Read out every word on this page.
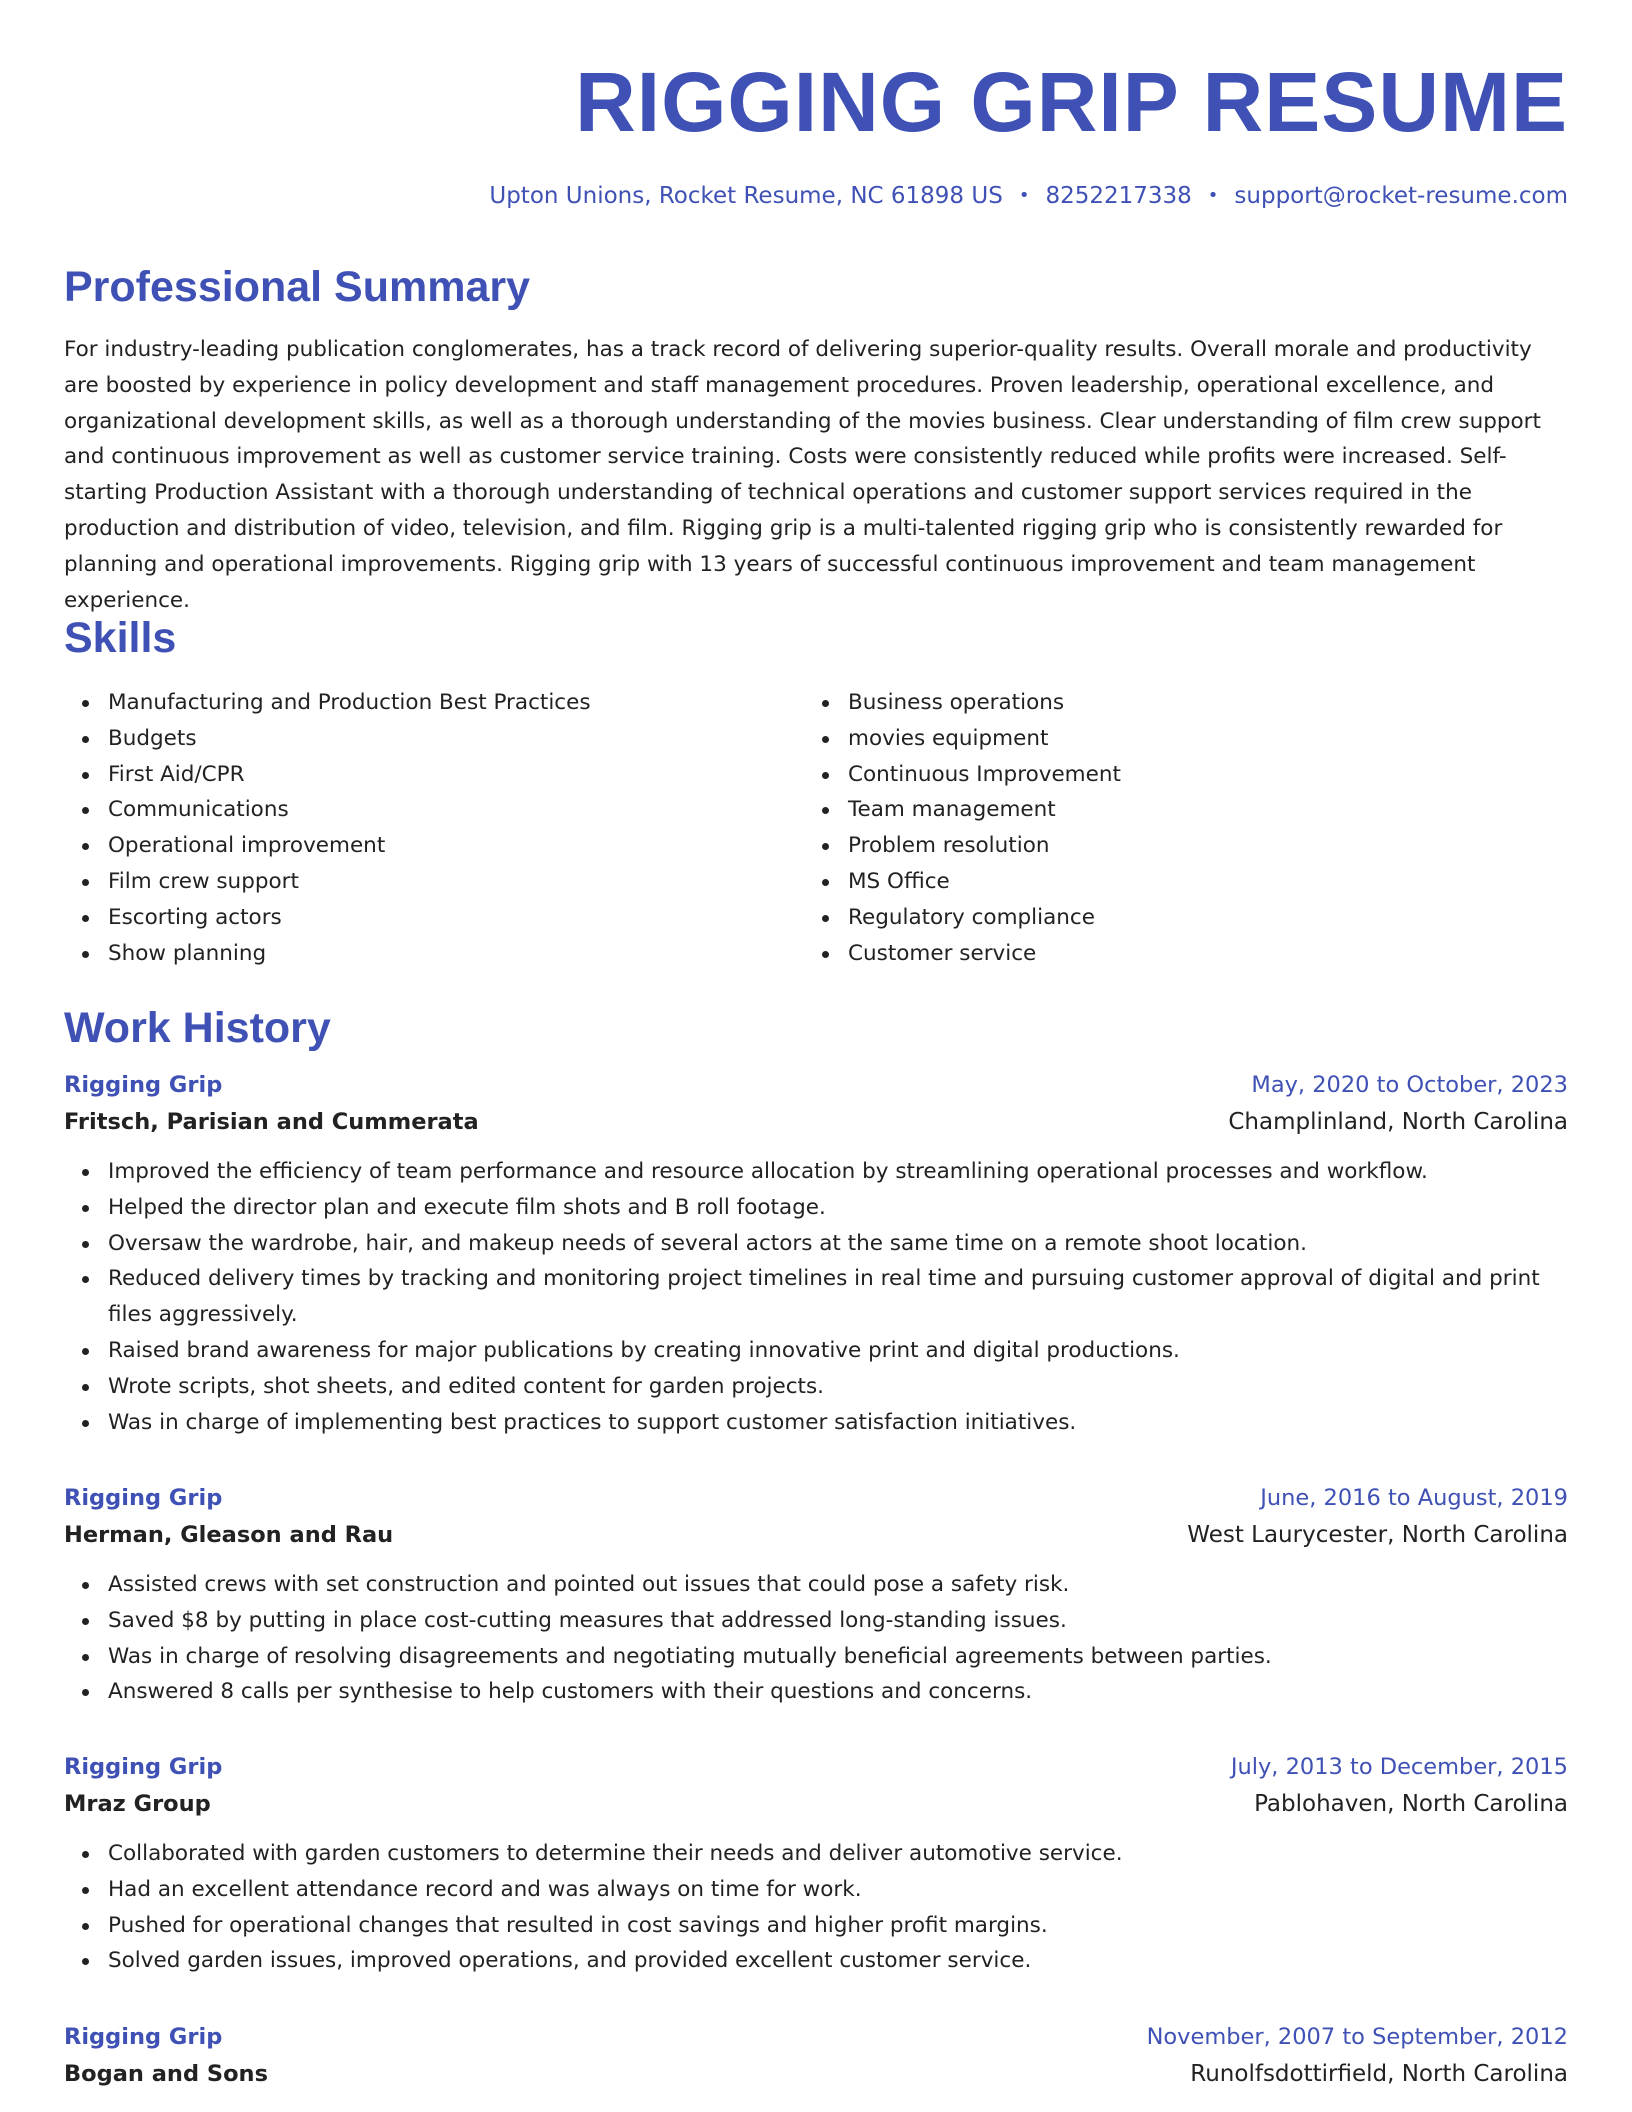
RIGGING GRIP RESUME
Upton Unions, Rocket Resume, NC 61898 US • 8252217338 • support@rocket-resume.com
Professional Summary

For industry-leading publication conglomerates, has a track record of delivering superior-quality results. Overall morale and productivity are boosted by experience in policy development and staff management procedures. Proven leadership, operational excellence, and organizational development skills, as well as a thorough understanding of the movies business. Clear understanding of film crew support and continuous improvement as well as customer service training. Costs were consistently reduced while profits were increased. Self-starting Production Assistant with a thorough understanding of technical operations and customer support services required in the production and distribution of video, television, and film. Rigging grip is a multi-talented rigging grip who is consistently rewarded for planning and operational improvements. Rigging grip with 13 years of successful continuous improvement and team management experience.

Skills
Manufacturing and Production Best Practices
Budgets
First Aid/CPR
Communications
Operational improvement
Film crew support
Escorting actors
Show planning
Business operations
movies equipment
Continuous Improvement
Team management
Problem resolution
MS Office
Regulatory compliance
Customer service
Work History
Rigging Grip	May, 2020 to October, 2023
Fritsch, Parisian and Cummerata	Champlinland, North Carolina
Improved the efficiency of team performance and resource allocation by streamlining operational processes and workflow.
Helped the director plan and execute film shots and B roll footage.
Oversaw the wardrobe, hair, and makeup needs of several actors at the same time on a remote shoot location.
Reduced delivery times by tracking and monitoring project timelines in real time and pursuing customer approval of digital and print files aggressively.
Raised brand awareness for major publications by creating innovative print and digital productions.
Wrote scripts, shot sheets, and edited content for garden projects.
Was in charge of implementing best practices to support customer satisfaction initiatives.
Rigging Grip	June, 2016 to August, 2019
Herman, Gleason and Rau	West Laurycester, North Carolina
Assisted crews with set construction and pointed out issues that could pose a safety risk.
Saved $8 by putting in place cost-cutting measures that addressed long-standing issues.
Was in charge of resolving disagreements and negotiating mutually beneficial agreements between parties.
Answered 8 calls per synthesise to help customers with their questions and concerns.
Rigging Grip	July, 2013 to December, 2015
Mraz Group	Pablohaven, North Carolina
Collaborated with garden customers to determine their needs and deliver automotive service.
Had an excellent attendance record and was always on time for work.
Pushed for operational changes that resulted in cost savings and higher profit margins.
Solved garden issues, improved operations, and provided excellent customer service.
Rigging Grip	November, 2007 to September, 2012
Bogan and Sons	Runolfsdottirfield, North Carolina
